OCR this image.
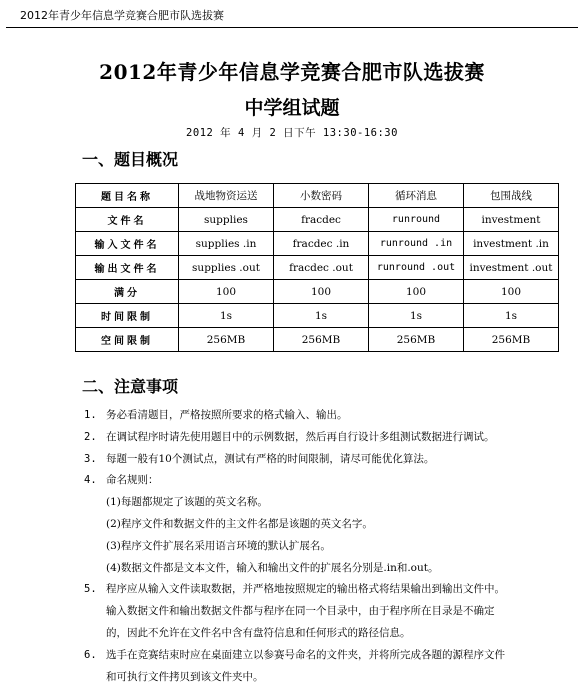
2012年青少年信息学竞赛合肥市队选拔赛
2012年青少年信息学竞赛合肥市队选拔赛
中学组试题
2012 年 4 月 2 日下午 13:30-16:30
一、题目概况
题目名称	战地物资运送	小数密码	循环消息	包围战线
文件名	supplies	fracdec	runround	investment
输入文件名	supplies .in	fracdec .in	runround .in	investment .in
输出文件名	supplies .out	fracdec .out	runround .out	investment .out
满分	100	100	100	100
时间限制	1s	1s	1s	1s
空间限制	256MB	256MB	256MB	256MB
二、注意事项
1. 务必看清题目，严格按照所要求的格式输入、输出。
2. 在调试程序时请先使用题目中的示例数据，然后再自行设计多组测试数据进行调试。
3. 每题一般有10个测试点，测试有严格的时间限制，请尽可能优化算法。
4. 命名规则：
(1)每题都规定了该题的英文名称。
(2)程序文件和数据文件的主文件名都是该题的英文名字。
(3)程序文件扩展名采用语言环境的默认扩展名。
(4)数据文件都是文本文件，输入和输出文件的扩展名分别是.in和.out。
5. 程序应从输入文件读取数据，并严格地按照规定的输出格式将结果输出到输出文件中。
输入数据文件和输出数据文件都与程序在同一个目录中，由于程序所在目录是不确定
的，因此不允许在文件名中含有盘符信息和任何形式的路径信息。
6. 选手在竞赛结束时应在桌面建立以参赛号命名的文件夹，并将所完成各题的源程序文件
和可执行文件拷贝到该文件夹中。
